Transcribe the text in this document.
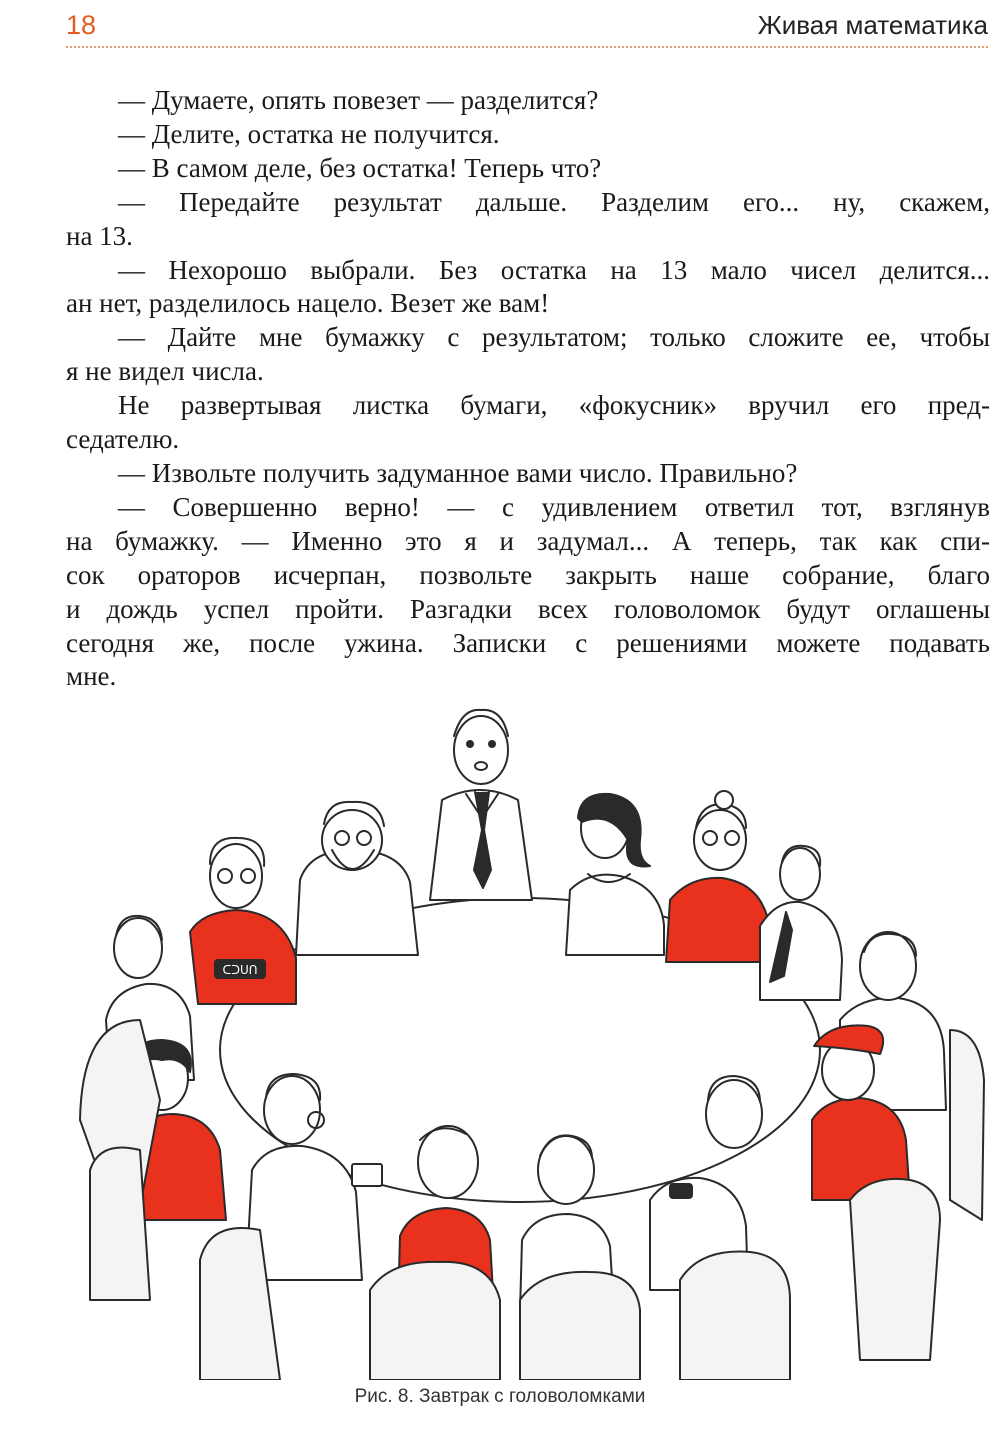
18	Живая математика

— Думаете, опять повезет — разделится?

— Делите, остатка не получится.

— В самом деле, без остатка! Теперь что?

— Передайте результат дальше. Разделим его... ну, скажем,

на 13.

— Нехорошо выбрали. Без остатка на 13 мало чисел делится...

ан нет, разделилось нацело. Везет же вам!

— Дайте мне бумажку с результатом; только сложите ее, чтобы

я не видел числа.

Не развертывая листка бумаги, «фокусник» вручил его пред-

седателю.

— Извольте получить задуманное вами число. Правильно?

— Совершенно верно! — с удивлением ответил тот, взглянув

на бумажку. — Именно это я и задумал... А теперь, так как спи-

сок ораторов исчерпан, позвольте закрыть наше собрание, благо

и дождь успел пройти. Разгадки всех головоломок будут оглашены

сегодня же, после ужина. Записки с решениями можете подавать

мне.

ᑕᑐᑌᑎ
Рис. 8. Завтрак с головоломками
